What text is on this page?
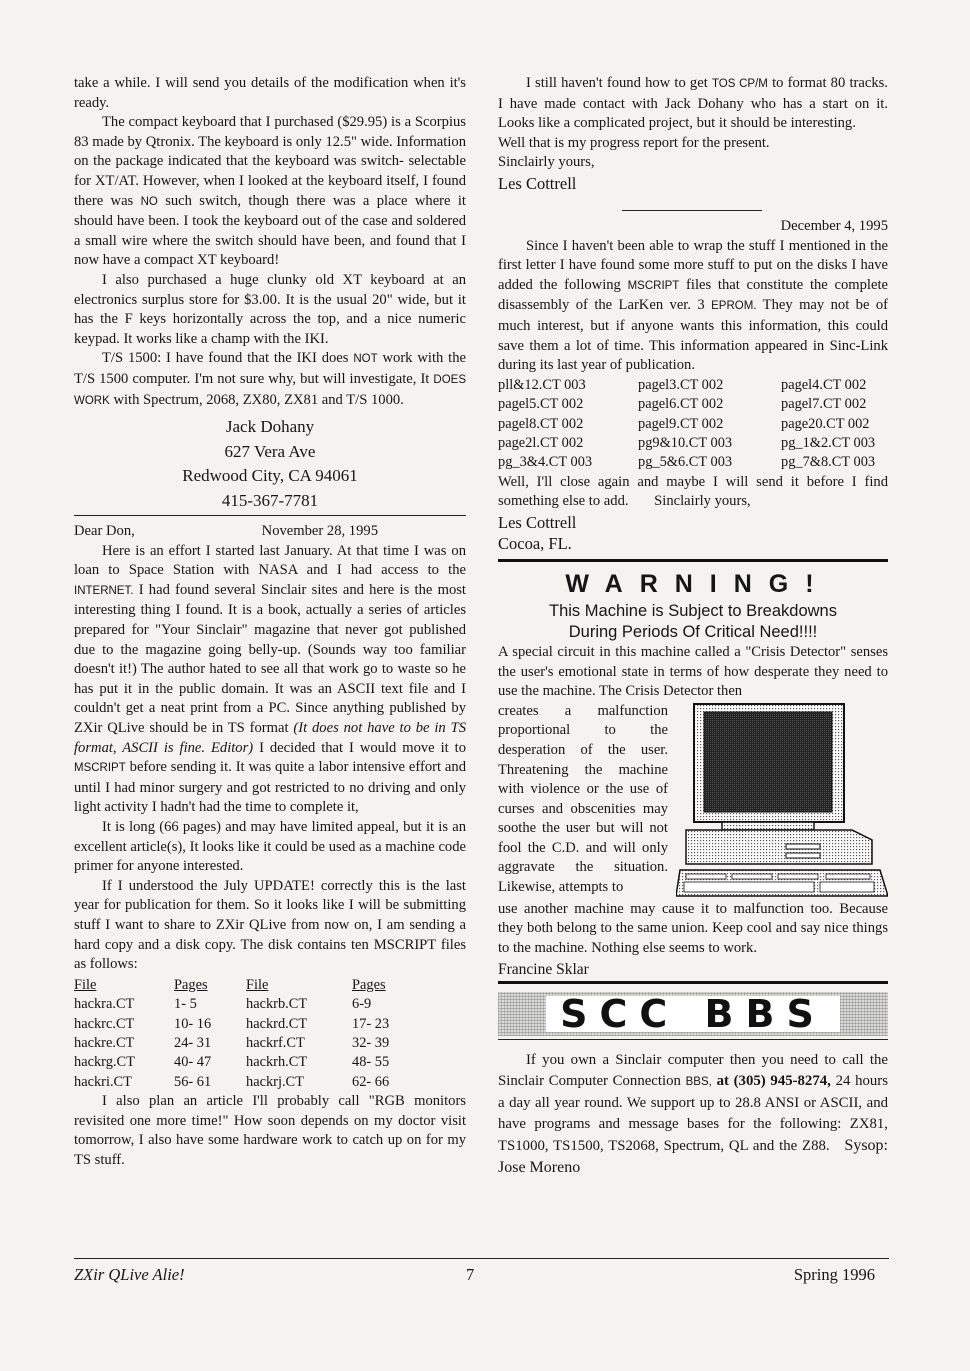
take a while. I will send you details of the modification when it's ready.

The compact keyboard that I purchased ($29.95) is a Scorpius 83 made by Qtronix. The keyboard is only 12.5" wide. Information on the package indicated that the keyboard was switch- selectable for XT/AT. However, when I looked at the keyboard itself, I found there was NO such switch, though there was a place where it should have been. I took the keyboard out of the case and soldered a small wire where the switch should have been, and found that I now have a compact XT keyboard!

I also purchased a huge clunky old XT keyboard at an electronics surplus store for $3.00. It is the usual 20" wide, but it has the F keys horizontally across the top, and a nice numeric keypad. It works like a champ with the IKI.

T/S 1500: I have found that the IKI does NOT work with the T/S 1500 computer. I'm not sure why, but will investigate, It DOES WORK with Spectrum, 2068, ZX80, ZX81 and T/S 1000.

Jack Dohany
627 Vera Ave
Redwood City, CA 94061
415-367-7781
Dear Don,	November 28, 1995

Here is an effort I started last January. At that time I was on loan to Space Station with NASA and I had access to the INTERNET. I had found several Sinclair sites and here is the most interesting thing I found. It is a book, actually a series of articles prepared for "Your Sinclair" magazine that never got published due to the magazine going belly-up. (Sounds way too familiar doesn't it!) The author hated to see all that work go to waste so he has put it in the public domain. It was an ASCII text file and I couldn't get a neat print from a PC. Since anything published by ZXir QLive should be in TS format (It does not have to be in TS format, ASCII is fine. Editor) I decided that I would move it to MSCRIPT before sending it. It was quite a labor intensive effort and until I had minor surgery and got restricted to no driving and only light activity I hadn't had the time to complete it,

It is long (66 pages) and may have limited appeal, but it is an excellent article(s), It looks like it could be used as a machine code primer for anyone interested.

If I understood the July UPDATE! correctly this is the last year for publication for them. So it looks like I will be submitting stuff I want to share to ZXir QLive from now on, I am sending a hard copy and a disk copy. The disk contains ten MSCRIPT files as follows:

File	Pages	File	Pages
hackra.CT	1- 5	hackrb.CT	6-9
hackrc.CT	10- 16	hackrd.CT	17- 23
hackre.CT	24- 31	hackrf.CT	32- 39
hackrg.CT	40- 47	hackrh.CT	48- 55
hackri.CT	56- 61	hackrj.CT	62- 66

I also plan an article I'll probably call "RGB monitors revisited one more time!" How soon depends on my doctor visit tomorrow, I also have some hardware work to catch up on for my TS stuff.

I still haven't found how to get TOS CP/M to format 80 tracks. I have made contact with Jack Dohany who has a start on it. Looks like a complicated project, but it should be interesting.

Well that is my progress report for the present.

Sinclairly yours,

Les Cottrell
December 4, 1995

Since I haven't been able to wrap the stuff I mentioned in the first letter I have found some more stuff to put on the disks I have added the following MSCRIPT files that constitute the complete disassembly of the LarKen ver. 3 EPROM. They may not be of much interest, but if anyone wants this information, this could save them a lot of time. This information appeared in Sinc-Link during its last year of publication.

pll&12.CT 003	pagel3.CT 002	pagel4.CT 002
pagel5.CT 002	pagel6.CT 002	pagel7.CT 002
pagel8.CT 002	pagel9.CT 002	page20.CT 002
page2l.CT 002	pg9&10.CT 003	pg_1&2.CT 003
pg_3&4.CT 003	pg_5&6.CT 003	pg_7&8.CT 003

Well, I'll close again and maybe I will send it before I find something else to add. Sinclairly yours,

Les Cottrell
Cocoa, FL.
WARNING!
This Machine is Subject to Breakdowns
During Periods Of Critical Need!!!!

A special circuit in this machine called a "Crisis Detector" senses the user's emotional state in terms of how desperate they need to use the machine. The Crisis Detector then

creates a malfunction proportional to the desperation of the user. Threatening the machine with violence or the use of curses and obscenities may soothe the user but will not fool the C.D. and will only aggravate the situation. Likewise, attempts to

use another machine may cause it to malfunction too. Because they both belong to the same union. Keep cool and say nice things to the machine. Nothing else seems to work.

Francine Sklar
SCC BBS

If you own a Sinclair computer then you need to call the Sinclair Computer Connection BBS, at (305) 945-8274, 24 hours a day all year round. We support up to 28.8 ANSI or ASCII, and have programs and message bases for the following: ZX81, TS1000, TS1500, TS2068, Spectrum, QL and the Z88. Sysop: Jose Moreno

ZXir QLive Alie!	7	Spring 1996
